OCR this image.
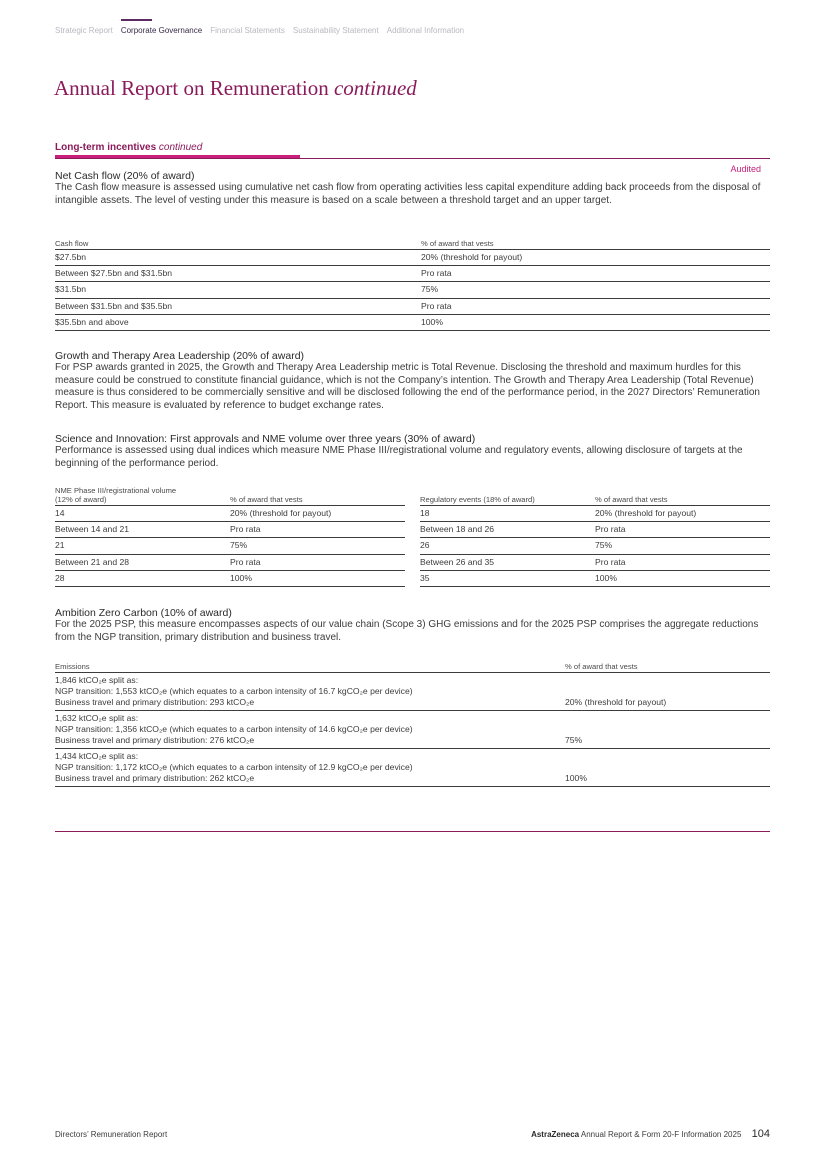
Strategic Report Corporate Governance Financial Statements Sustainability Statement Additional Information
Annual Report on Remuneration continued
Long-term incentives continued
Audited
Net Cash flow (20% of award)

The Cash flow measure is assessed using cumulative net cash flow from operating activities less capital expenditure adding back proceeds from the disposal of intangible assets. The level of vesting under this measure is based on a scale between a threshold target and an upper target.

Cash flow	% of award that vests
$27.5bn	20% (threshold for payout)
Between $27.5bn and $31.5bn	Pro rata
$31.5bn	75%
Between $31.5bn and $35.5bn	Pro rata
$35.5bn and above	100%
Growth and Therapy Area Leadership (20% of award)

For PSP awards granted in 2025, the Growth and Therapy Area Leadership metric is Total Revenue. Disclosing the threshold and maximum hurdles for this measure could be construed to constitute financial guidance, which is not the Company’s intention. The Growth and Therapy Area Leadership (Total Revenue) measure is thus considered to be commercially sensitive and will be disclosed following the end of the performance period, in the 2027 Directors’ Remuneration Report. This measure is evaluated by reference to budget exchange rates.

Science and Innovation: First approvals and NME volume over three years (30% of award)

Performance is assessed using dual indices which measure NME Phase III/registrational volume and regulatory events, allowing disclosure of targets at the beginning of the performance period.

NME Phase III/registrational volume
(12% of award)	% of award that vests
14	20% (threshold for payout)
Between 14 and 21	Pro rata
21	75%
Between 21 and 28	Pro rata
28	100%
Regulatory events (18% of award)	% of award that vests
18	20% (threshold for payout)
Between 18 and 26	Pro rata
26	75%
Between 26 and 35	Pro rata
35	100%
Ambition Zero Carbon (10% of award)

For the 2025 PSP, this measure encompasses aspects of our value chain (Scope 3) GHG emissions and for the 2025 PSP comprises the aggregate reductions from the NGP transition, primary distribution and business travel.

Emissions	% of award that vests

1,846 ktCO₂e split as:
NGP transition: 1,553 ktCO₂e (which equates to a carbon intensity of 16.7 kgCO₂e per device)
Business travel and primary distribution: 293 ktCO₂e	20% (threshold for payout)

1,632 ktCO₂e split as:
NGP transition: 1,356 ktCO₂e (which equates to a carbon intensity of 14.6 kgCO₂e per device)
Business travel and primary distribution: 276 ktCO₂e	75%

1,434 ktCO₂e split as:
NGP transition: 1,172 ktCO₂e (which equates to a carbon intensity of 12.9 kgCO₂e per device)
Business travel and primary distribution: 262 ktCO₂e	100%
Directors’ Remuneration Report	AstraZeneca Annual Report & Form 20-F Information 2025 104
